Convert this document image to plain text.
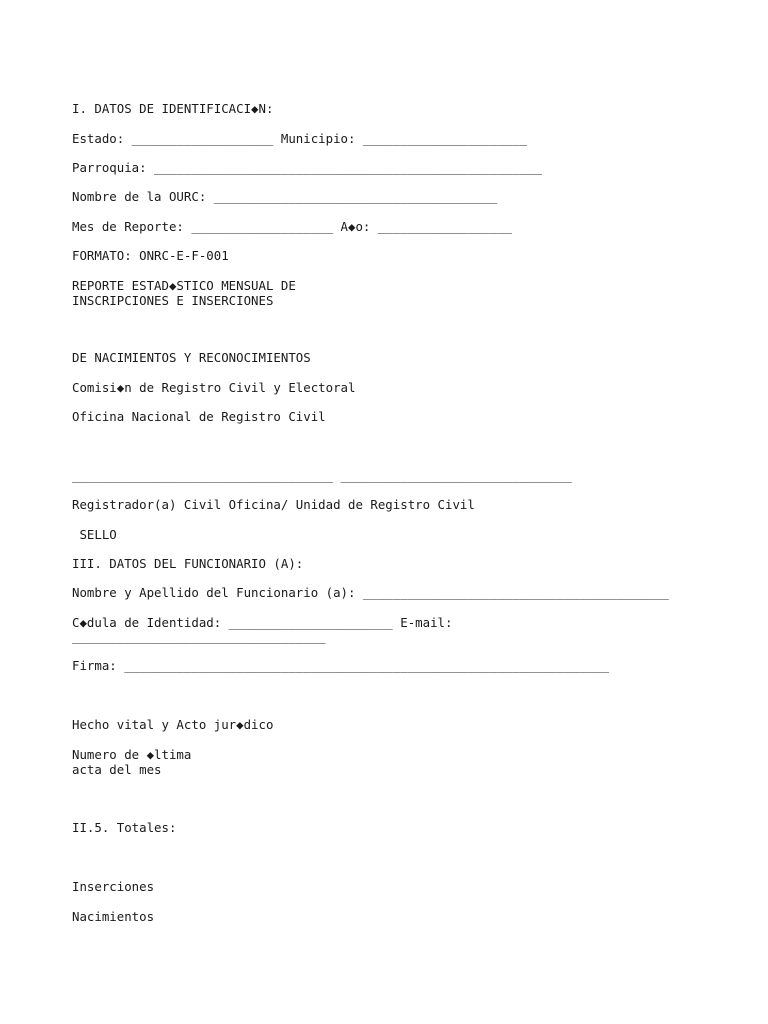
I. DATOS DE IDENTIFICACI◆N:

Estado: ___________________ Municipio: ______________________

Parroquia: ____________________________________________________

Nombre de la OURC: ______________________________________

Mes de Reporte: ___________________ A◆o: __________________

FORMATO: ONRC-E-F-001

REPORTE ESTAD◆STICO MENSUAL DE

INSCRIPCIONES E INSERCIONES

DE NACIMIENTOS Y RECONOCIMIENTOS

Comisi◆n de Registro Civil y Electoral

Oficina Nacional de Registro Civil

___________________________________ _______________________________

Registrador(a) Civil Oficina/ Unidad de Registro Civil

SELLO

III. DATOS DEL FUNCIONARIO (A):

Nombre y Apellido del Funcionario (a): _________________________________________

C◆dula de Identidad: ______________________ E-mail:

__________________________________

Firma: _________________________________________________________________

Hecho vital y Acto jur◆dico

Numero de ◆ltima

acta del mes

II.5. Totales:

Inserciones

Nacimientos
